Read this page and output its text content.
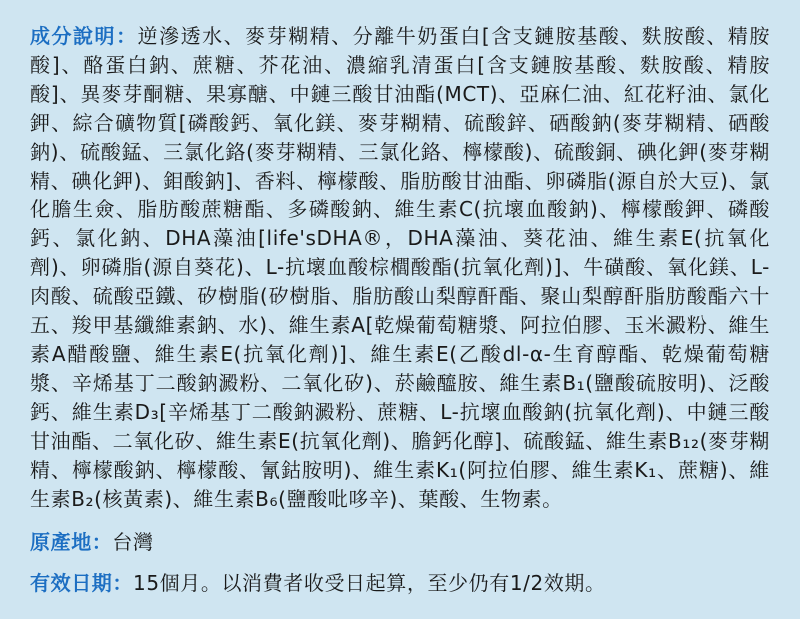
成分說明：逆滲透水、麥芽糊精、分離牛奶蛋白[含支鏈胺基酸、麩胺酸、精胺酸]、酪蛋白鈉、蔗糖、芥花油、濃縮乳清蛋白[含支鏈胺基酸、麩胺酸、精胺酸]、異麥芽酮糖、果寡醣、中鏈三酸甘油酯(MCT)、亞麻仁油、紅花籽油、氯化鉀、綜合礦物質[磷酸鈣、氧化鎂、麥芽糊精、硫酸鋅、硒酸鈉(麥芽糊精、硒酸鈉)、硫酸錳、三氯化鉻(麥芽糊精、三氯化鉻、檸檬酸)、硫酸銅、碘化鉀(麥芽糊精、碘化鉀)、鉬酸鈉]、香料、檸檬酸、脂肪酸甘油酯、卵磷脂(源自於大豆)、氯化膽生僉、脂肪酸蔗糖酯、多磷酸鈉、維生素C(抗壞血酸鈉)、檸檬酸鉀、磷酸鈣、氯化鈉、DHA藻油[life'sDHA®，DHA藻油、葵花油、維生素E(抗氧化劑)、卵磷脂(源自葵花)、L-抗壞血酸棕櫚酸酯(抗氧化劑)]、牛磺酸、氧化鎂、L-肉酸、硫酸亞鐵、矽樹脂(矽樹脂、脂肪酸山梨醇酐酯、聚山梨醇酐脂肪酸酯六十五、羧甲基纖維素鈉、水)、維生素A[乾燥葡萄糖漿、阿拉伯膠、玉米澱粉、維生素A醋酸鹽、維生素E(抗氧化劑)]、維生素E(乙酸dl-α-生育醇酯、乾燥葡萄糖漿、辛烯基丁二酸鈉澱粉、二氧化矽)、菸鹼醯胺、維生素B₁(鹽酸硫胺明)、泛酸鈣、維生素D₃[辛烯基丁二酸鈉澱粉、蔗糖、L-抗壞血酸鈉(抗氧化劑)、中鏈三酸甘油酯、二氧化矽、維生素E(抗氧化劑)、膽鈣化醇]、硫酸錳、維生素B₁₂(麥芽糊精、檸檬酸鈉、檸檬酸、氰鈷胺明)、維生素K₁(阿拉伯膠、維生素K₁、蔗糖)、維生素B₂(核黃素)、維生素B₆(鹽酸吡哆辛)、葉酸、生物素。

原產地：台灣

有效日期：15個月。以消費者收受日起算，至少仍有1/2效期。
